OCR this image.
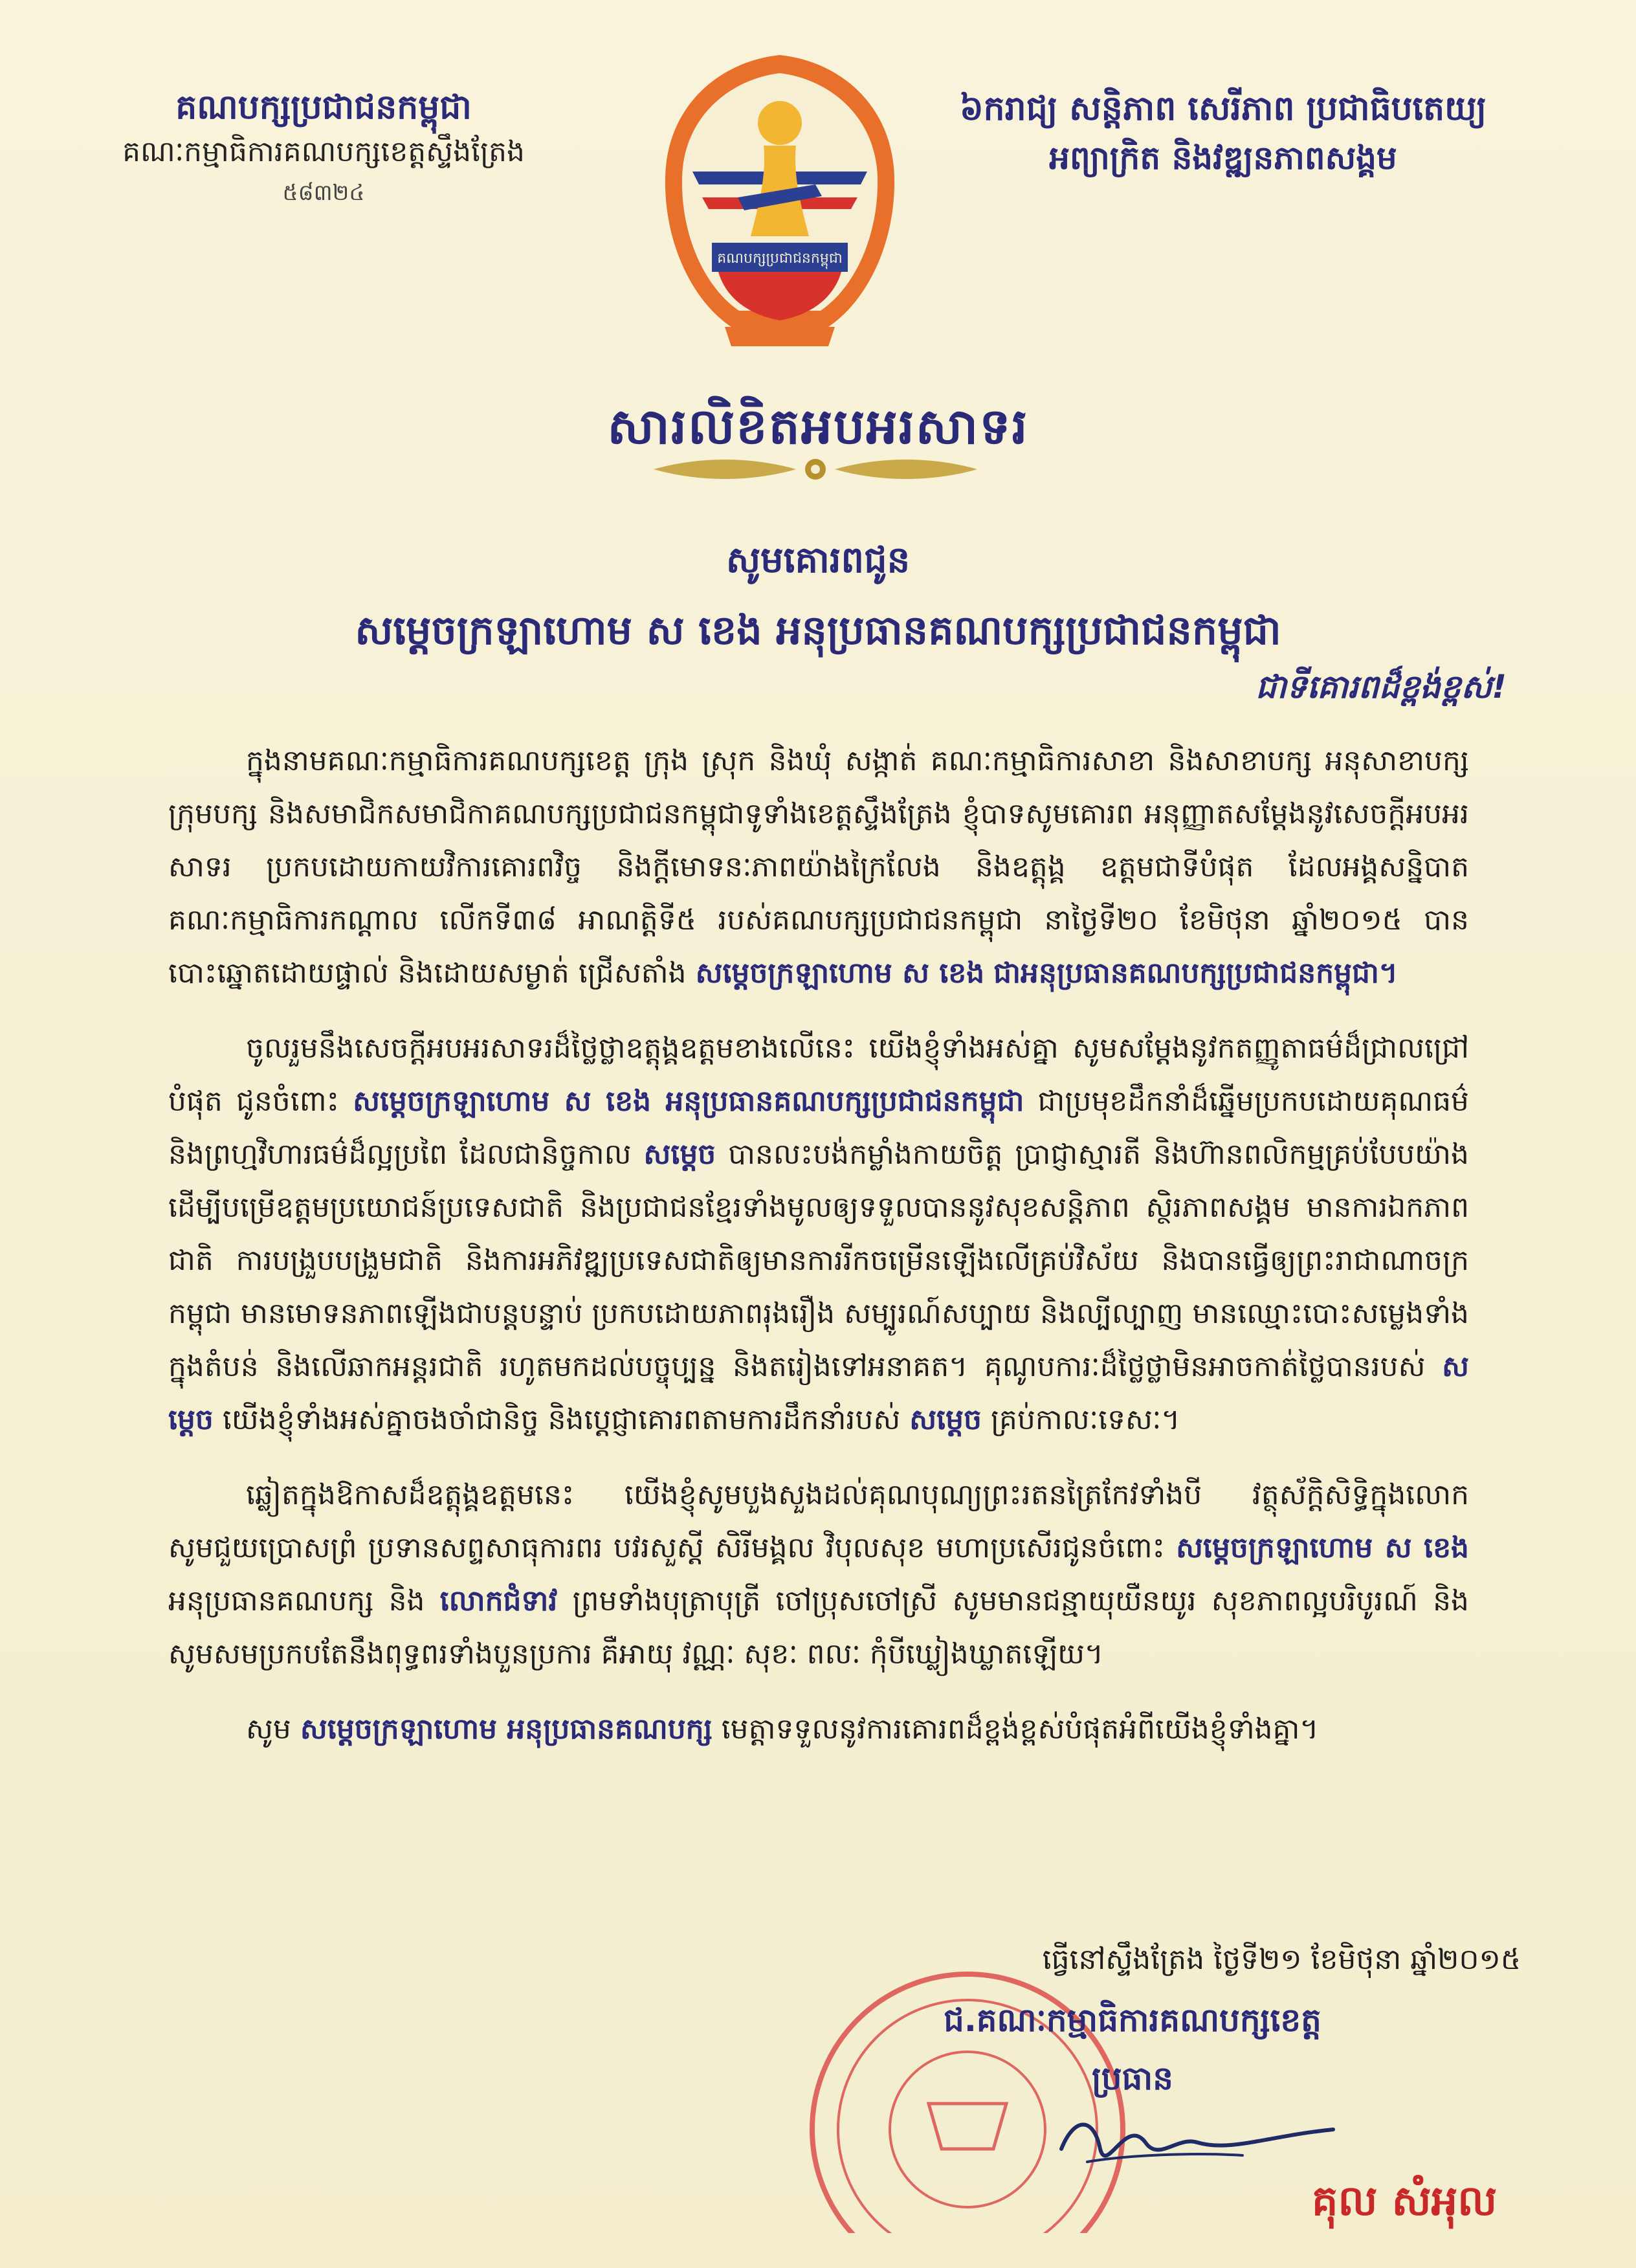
គណបក្សប្រជាជនកម្ពុជា
គណៈកម្មាធិការគណបក្សខេត្តស្ទឹងត្រែង
៥៨៣២៤
គណបក្សប្រជាជនកម្ពុជា
៦ករាជ្យ សន្តិភាព សេរីភាព ប្រជាធិបតេយ្យ
អព្យាក្រិត និងវឌ្ឍនភាពសង្គម
សារលិខិតអបអរសាទរ
សូមគោរពជូន
សម្តេចក្រឡាហោម ស ខេង អនុប្រធានគណបក្សប្រជាជនកម្ពុជា
ជាទីគោរពដ៏ខ្ពង់ខ្ពស់!

ក្នុងនាមគណៈកម្មាធិការគណបក្សខេត្ត ក្រុង ស្រុក និងឃុំ សង្កាត់ គណៈកម្មាធិការសាខា និងសាខាបក្ស អនុសាខាបក្ស ក្រុមបក្ស និងសមាជិកសមាជិកាគណបក្សប្រជាជនកម្ពុជាទូទាំងខេត្តស្ទឹងត្រែង ខ្ញុំបាទសូមគោរព អនុញ្ញាតសម្តែងនូវសេចក្តីអបអរសាទរ ប្រកបដោយកាយវិការគោរពវិច្ច និងក្តីមោទនៈភាពយ៉ាងក្រៃលែង និងឧត្តុង្គ ឧត្តមជាទីបំផុត ដែលអង្គសន្និបាតគណៈកម្មាធិការកណ្តាល លើកទី៣៨ អាណត្តិទី៥ របស់គណបក្សប្រជាជនកម្ពុជា នាថ្ងៃទី២០ ខែមិថុនា ឆ្នាំ២០១៥ បានបោះឆ្នោតដោយផ្ទាល់ និងដោយសម្ងាត់ ជ្រើសតាំង សម្តេចក្រឡាហោម ស ខេង ជាអនុប្រធានគណបក្សប្រជាជនកម្ពុជា។

ចូលរួមនឹងសេចក្តីអបអរសាទរដ៏ថ្លៃថ្លាឧត្តុង្គឧត្តមខាងលើនេះ យើងខ្ញុំទាំងអស់គ្នា សូមសម្តែងនូវកតញ្ញូតាធម៌ដ៏ជ្រាលជ្រៅបំផុត ជូនចំពោះ សម្តេចក្រឡាហោម ស ខេង អនុប្រធានគណបក្សប្រជាជនកម្ពុជា ជាប្រមុខដឹកនាំដ៏ឆ្នើមប្រកបដោយគុណធម៌ និងព្រហ្មវិហារធម៌ដ៏ល្អប្រពៃ ដែលជានិច្ចកាល សម្តេច បានលះបង់កម្លាំងកាយចិត្ត ប្រាជ្ញាស្មារតី និងហ៊ានពលិកម្មគ្រប់បែបយ៉ាង ដើម្បីបម្រើឧត្តមប្រយោជន៍ប្រទេសជាតិ និងប្រជាជនខ្មែរទាំងមូលឲ្យទទួលបាននូវសុខសន្តិភាព ស្ថិរភាពសង្គម មានការឯកភាពជាតិ ការបង្រួបបង្រួមជាតិ និងការអភិវឌ្ឍប្រទេសជាតិឲ្យមានការរីកចម្រើនឡើងលើគ្រប់វិស័យ និងបានធ្វើឲ្យព្រះរាជាណាចក្រកម្ពុជា មានមោទនភាពឡើងជាបន្តបន្ទាប់ ប្រកបដោយភាពរុងរឿង សម្បូរណ៍សប្បាយ និងល្បីល្បាញ មានឈ្មោះបោះសម្លេងទាំងក្នុងតំបន់ និងលើឆាកអន្តរជាតិ រហូតមកដល់បច្ចុប្បន្ន និងតរៀងទៅអនាគត។ គុណូបការៈដ៏ថ្លៃថ្លាមិនអាចកាត់ថ្លៃបានរបស់ សម្តេច យើងខ្ញុំទាំងអស់គ្នាចងចាំជានិច្ច និងប្តេជ្ញាគោរពតាមការដឹកនាំរបស់ សម្តេច គ្រប់កាលៈទេសៈ។

ឆ្លៀតក្នុងឱកាសដ៏ឧត្តុង្គឧត្តមនេះ យើងខ្ញុំសូមបួងសួងដល់គុណបុណ្យព្រះរតនត្រៃកែវទាំងបី វត្ថុស័ក្តិសិទ្ធិក្នុងលោក សូមជួយប្រោសព្រំ ប្រទានសព្ទសាធុការពរ បវរសួស្តី សិរីមង្គល វិបុលសុខ មហាប្រសើរជូនចំពោះ សម្តេចក្រឡាហោម ស ខេង អនុប្រធានគណបក្ស និង លោកជំទាវ ព្រមទាំងបុត្រាបុត្រី ចៅប្រុសចៅស្រី សូមមានជន្មាយុយឺនយូរ សុខភាពល្អបរិបូរណ៍ និងសូមសមប្រកបតែនឹងពុទ្ធពរទាំងបួនប្រការ គឺអាយុ វណ្ណៈ សុខៈ ពលៈ កុំបីឃ្លៀងឃ្លាតឡើយ។

សូម សម្តេចក្រឡាហោម អនុប្រធានគណបក្ស មេត្តាទទួលនូវការគោរពដ៏ខ្ពង់ខ្ពស់បំផុតអំពីយើងខ្ញុំទាំងគ្នា។

ធ្វើនៅស្ទឹងត្រែង ថ្ងៃទី២១ ខែមិថុនា ឆ្នាំ២០១៥
ជ.គណៈកម្មាធិការគណបក្សខេត្ត
ប្រធាន
គុល សំអុល
